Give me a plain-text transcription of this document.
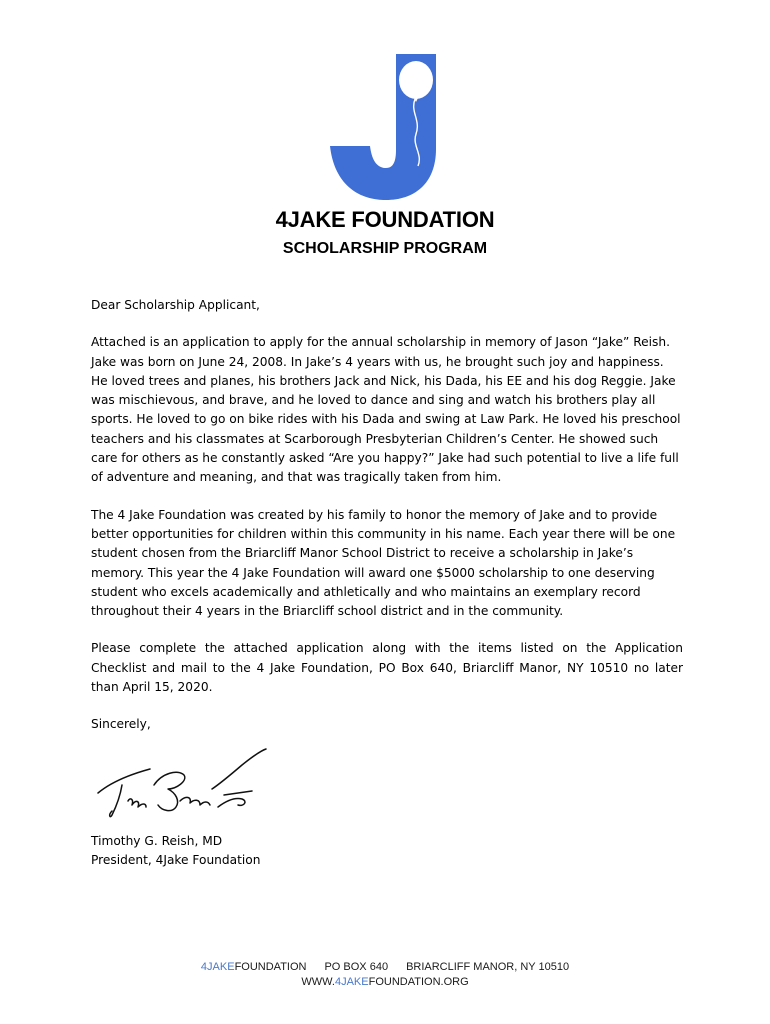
4JAKE FOUNDATION
SCHOLARSHIP PROGRAM

Dear Scholarship Applicant,

Attached is an application to apply for the annual scholarship in memory of Jason “Jake” Reish. Jake was born on June 24, 2008. In Jake’s 4 years with us, he brought such joy and happiness. He loved trees and planes, his brothers Jack and Nick, his Dada, his EE and his dog Reggie. Jake was mischievous, and brave, and he loved to dance and sing and watch his brothers play all sports. He loved to go on bike rides with his Dada and swing at Law Park. He loved his preschool teachers and his classmates at Scarborough Presbyterian Children’s Center. He showed such care for others as he constantly asked “Are you happy?” Jake had such potential to live a life full of adventure and meaning, and that was tragically taken from him.

The 4 Jake Foundation was created by his family to honor the memory of Jake and to provide better opportunities for children within this community in his name. Each year there will be one student chosen from the Briarcliff Manor School District to receive a scholarship in Jake’s memory. This year the 4 Jake Foundation will award one $5000 scholarship to one deserving student who excels academically and athletically and who maintains an exemplary record throughout their 4 years in the Briarcliff school district and in the community.

Please complete the attached application along with the items listed on the Application Checklist and mail to the 4 Jake Foundation, PO Box 640, Briarcliff Manor, NY 10510 no later than April 15, 2020.

Sincerely,

Timothy G. Reish, MD
President, 4Jake Foundation
4JAKEFOUNDATION PO BOX 640 BRIARCLIFF MANOR, NY 10510
WWW.4JAKEFOUNDATION.ORG
